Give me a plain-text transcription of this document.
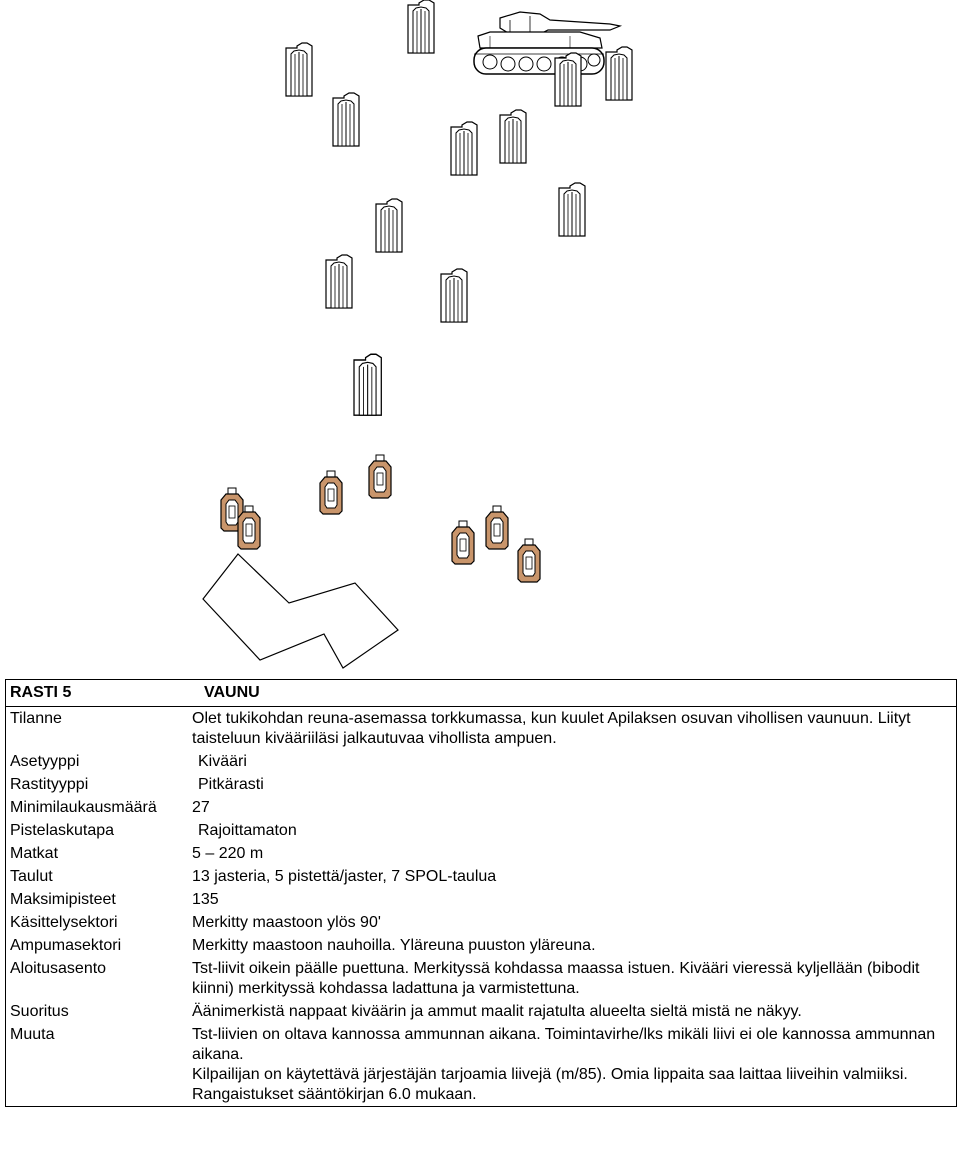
RASTI 5	VAUNU
Tilanne	Olet tukikohdan reuna-asemassa torkkumassa, kun kuulet Apilaksen osuvan vihollisen vaunuun. Liityt taisteluun kivääriiläsi jalkautuvaa vihollista ampuen.
Asetyyppi	Kivääri
Rastityyppi	Pitkärasti
Minimilaukausmäärä	27
Pistelaskutapa	Rajoittamaton
Matkat	5 – 220 m
Taulut	13 jasteria, 5 pistettä/jaster, 7 SPOL-taulua
Maksimipisteet	135
Käsittelysektori	Merkitty maastoon ylös 90'
Ampumasektori	Merkitty maastoon nauhoilla. Yläreuna puuston yläreuna.
Aloitusasento	Tst-liivit oikein päälle puettuna. Merkityssä kohdassa maassa istuen. Kivääri vieressä kyljellään (bibodit kiinni) merkityssä kohdassa ladattuna ja varmistettuna.
Suoritus	Äänimerkistä nappaat kiväärin ja ammut maalit rajatulta alueelta sieltä mistä ne näkyy.
Muuta	Tst-liivien on oltava kannossa ammunnan aikana. Toimintavirhe/lks mikäli liivi ei ole kannossa ammunnan aikana.
Kilpailijan on käytettävä järjestäjän tarjoamia liivejä (m/85). Omia lippaita saa laittaa liiveihin valmiiksi.
Rangaistukset sääntökirjan 6.0 mukaan.
